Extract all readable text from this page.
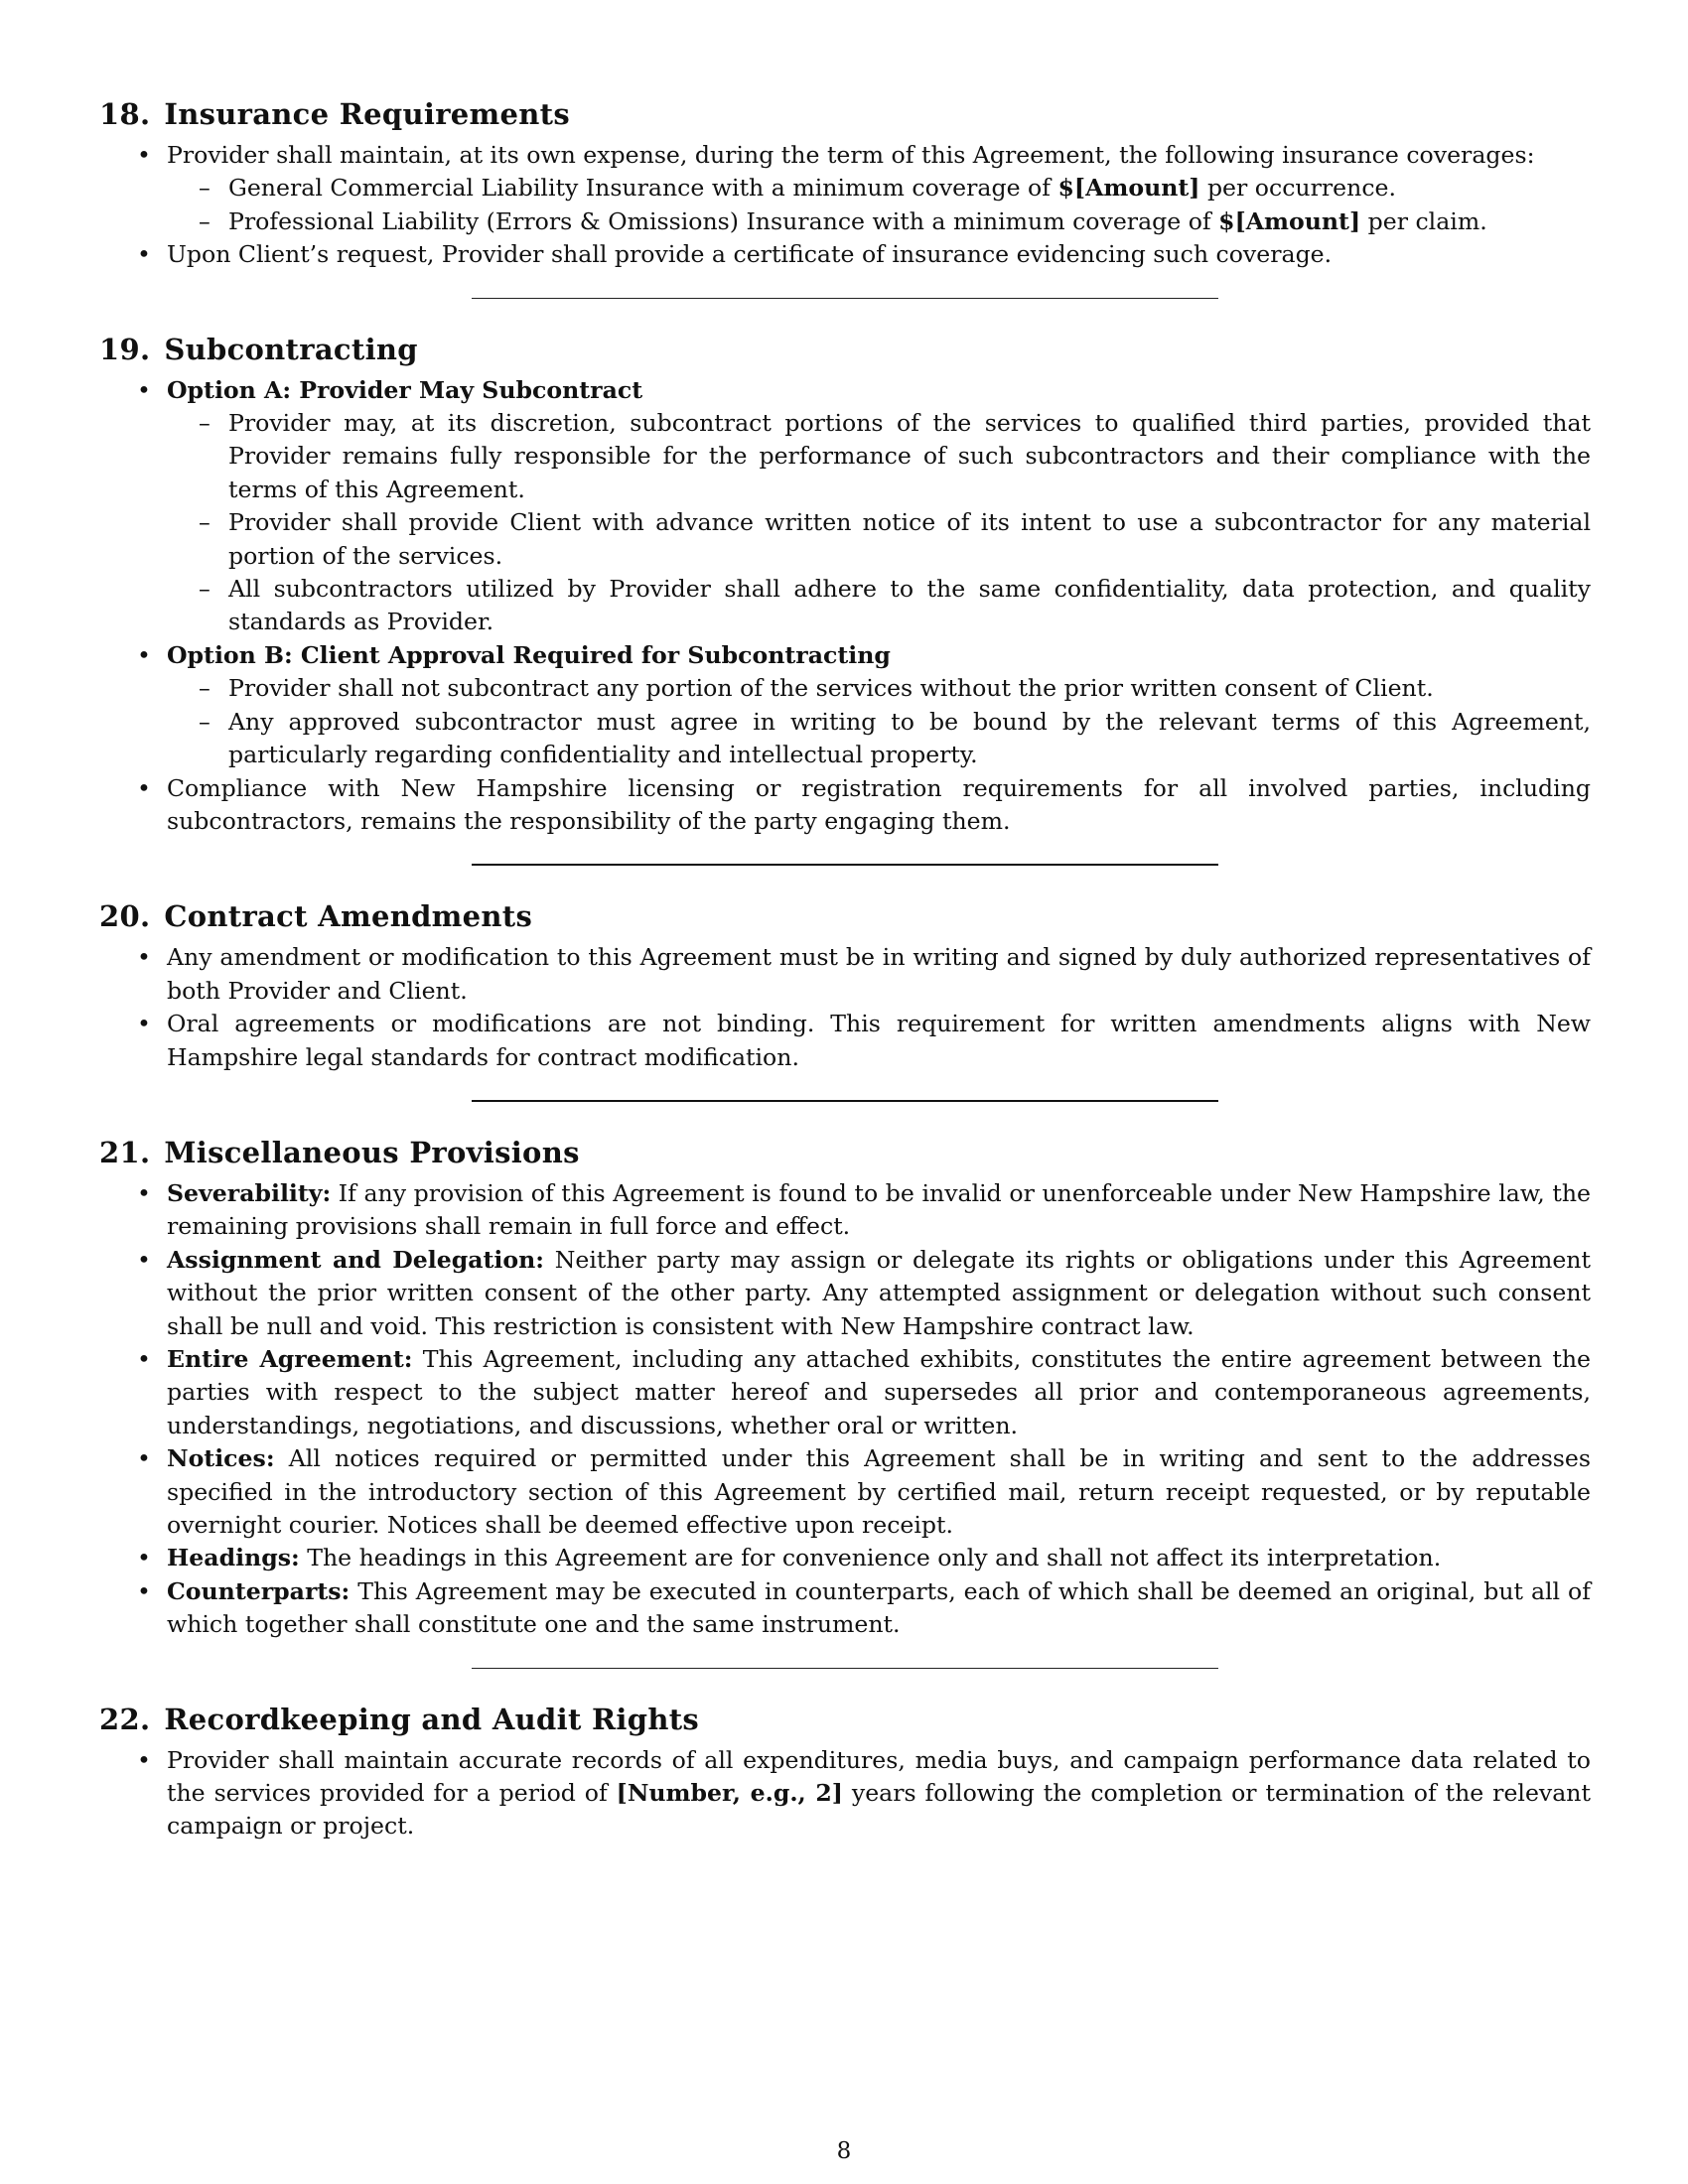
18. Insurance Requirements
• Provider shall maintain, at its own expense, during the term of this Agreement, the following insurance coverages:
– General Commercial Liability Insurance with a minimum coverage of $[Amount] per occurrence.
– Professional Liability (Errors & Omissions) Insurance with a minimum coverage of $[Amount] per claim.
• Upon Client’s request, Provider shall provide a certificate of insurance evidencing such coverage.
19. Subcontracting
• Option A: Provider May Subcontract
– Provider may, at its discretion, subcontract portions of the services to qualified third parties, provided that Provider remains fully responsible for the performance of such subcontractors and their compliance with the terms of this Agreement.
– Provider shall provide Client with advance written notice of its intent to use a subcontractor for any material portion of the services.
– All subcontractors utilized by Provider shall adhere to the same confidentiality, data protection, and quality standards as Provider.
• Option B: Client Approval Required for Subcontracting
– Provider shall not subcontract any portion of the services without the prior written consent of Client.
– Any approved subcontractor must agree in writing to be bound by the relevant terms of this Agreement, particularly regarding confidentiality and intellectual property.
• Compliance with New Hampshire licensing or registration requirements for all involved parties, including subcontractors, remains the responsibility of the party engaging them.
20. Contract Amendments
• Any amendment or modification to this Agreement must be in writing and signed by duly authorized representatives of both Provider and Client.
• Oral agreements or modifications are not binding. This requirement for written amendments aligns with New Hampshire legal standards for contract modification.
21. Miscellaneous Provisions
• Severability: If any provision of this Agreement is found to be invalid or unenforceable under New Hampshire law, the remaining provisions shall remain in full force and effect.
• Assignment and Delegation: Neither party may assign or delegate its rights or obligations under this Agreement without the prior written consent of the other party. Any attempted assignment or delegation without such consent shall be null and void. This restriction is consistent with New Hampshire contract law.
• Entire Agreement: This Agreement, including any attached exhibits, constitutes the entire agreement between the parties with respect to the subject matter hereof and supersedes all prior and contemporaneous agreements, understandings, negotiations, and discussions, whether oral or written.
• Notices: All notices required or permitted under this Agreement shall be in writing and sent to the addresses specified in the introductory section of this Agreement by certified mail, return receipt requested, or by reputable overnight courier. Notices shall be deemed effective upon receipt.
• Headings: The headings in this Agreement are for convenience only and shall not affect its interpretation.
• Counterparts: This Agreement may be executed in counterparts, each of which shall be deemed an original, but all of which together shall constitute one and the same instrument.
22. Recordkeeping and Audit Rights
• Provider shall maintain accurate records of all expenditures, media buys, and campaign performance data related to the services provided for a period of [Number, e.g., 2] years following the completion or termination of the relevant campaign or project.
8
